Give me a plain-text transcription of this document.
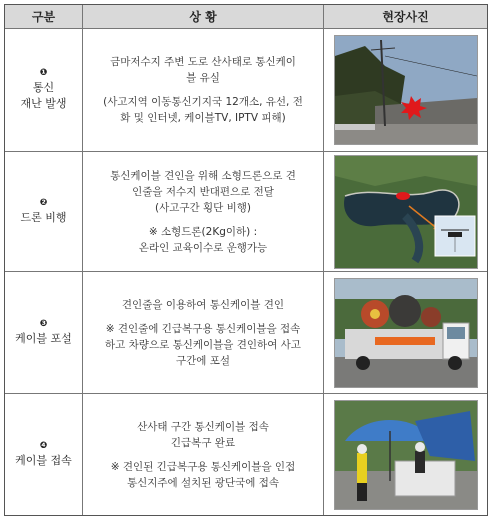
구분	상 황	현장사진
❶
통신
재난 발생
금마저수지 주변 도로 산사태로 통신케이
블 유실
(사고지역 이동통신기지국 12개소, 유선, 전
화 및 인터넷, 케이블TV, IPTV 피해)
❷
드론 비행
통신케이블 견인을 위해 소형드론으로 견
인줄을 저수지 반대편으로 전달
(사고구간 횡단 비행)
※ 소형드론(2Kg이하) :
온라인 교육이수로 운행가능
❸
케이블 포설
견인줄을 이용하여 통신케이블 견인
※ 견인줄에 긴급복구용 통신케이블을 접속
하고 차량으로 통신케이블을 견인하여 사고
구간에 포설
❹
케이블 접속
산사태 구간 통신케이블 접속
긴급복구 완료
※ 견인된 긴급복구용 통신케이블을 인접
통신지주에 설치된 광단국에 접속
